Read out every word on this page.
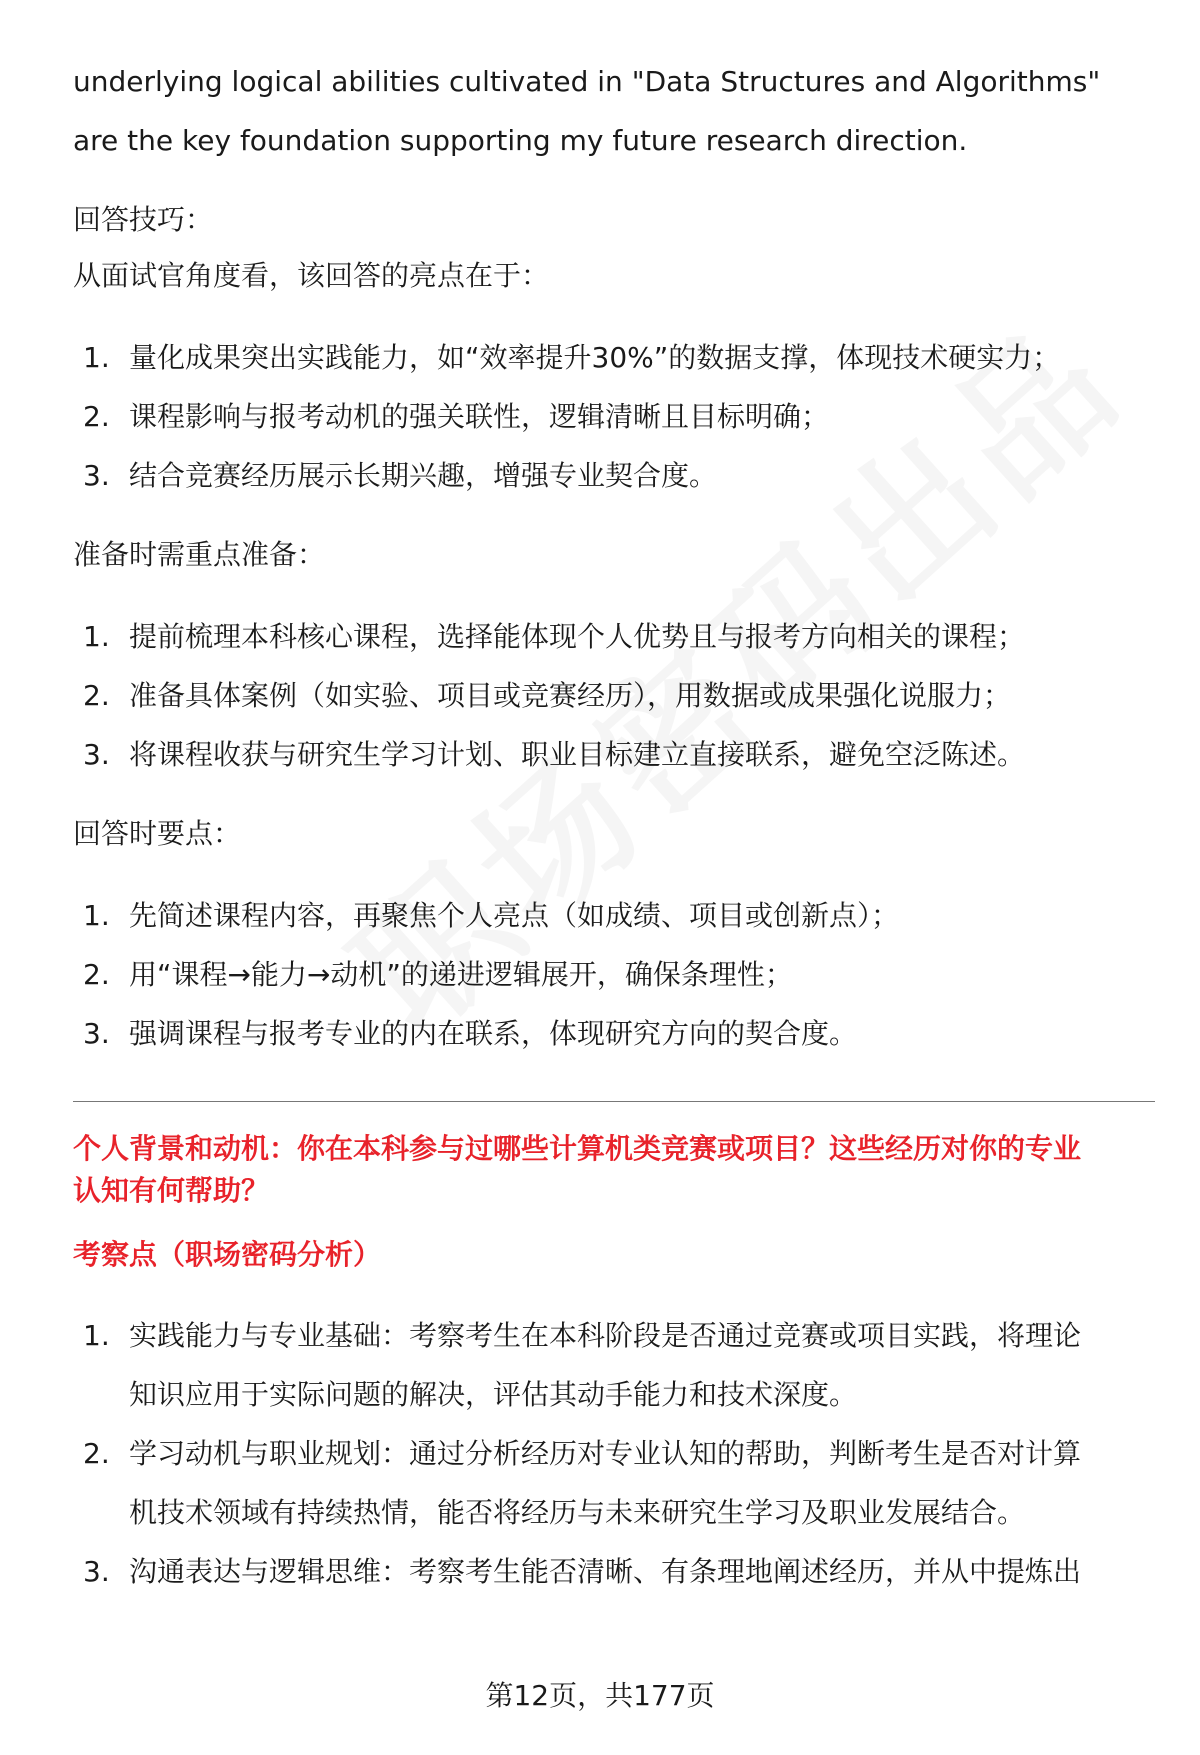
underlying logical abilities cultivated in "Data Structures and Algorithms"

are the key foundation supporting my future research direction.

回答技巧：

从面试官角度看，该回答的亮点在于：

1. 量化成果突出实践能力，如“效率提升30%”的数据支撑，体现技术硬实力；
2. 课程影响与报考动机的强关联性，逻辑清晰且目标明确；
3. 结合竞赛经历展示长期兴趣，增强专业契合度。

准备时需重点准备：

1. 提前梳理本科核心课程，选择能体现个人优势且与报考方向相关的课程；
2. 准备具体案例（如实验、项目或竞赛经历），用数据或成果强化说服力；
3. 将课程收获与研究生学习计划、职业目标建立直接联系，避免空泛陈述。

回答时要点：

1. 先简述课程内容，再聚焦个人亮点（如成绩、项目或创新点）；
2. 用“课程→能力→动机”的递进逻辑展开，确保条理性；
3. 强调课程与报考专业的内在联系，体现研究方向的契合度。

个人背景和动机：你在本科参与过哪些计算机类竞赛或项目？这些经历对你的专业

认知有何帮助？

考察点（职场密码分析）

1. 实践能力与专业基础：考察考生在本科阶段是否通过竞赛或项目实践，将理论
知识应用于实际问题的解决，评估其动手能力和技术深度。
2. 学习动机与职业规划：通过分析经历对专业认知的帮助，判断考生是否对计算
机技术领域有持续热情，能否将经历与未来研究生学习及职业发展结合。
3. 沟通表达与逻辑思维：考察考生能否清晰、有条理地阐述经历，并从中提炼出
第12页，共177页
